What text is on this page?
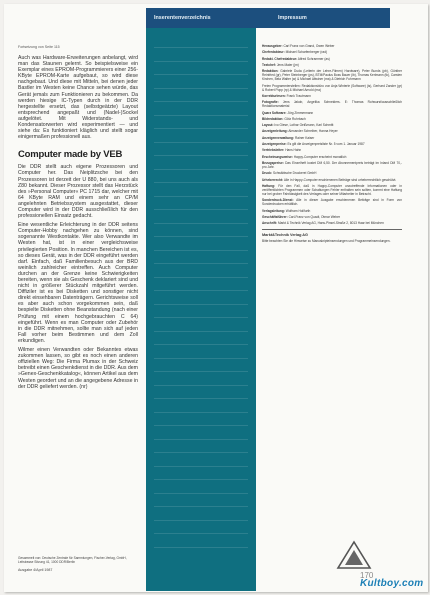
Fortsetzung von Seite 115
Auch was Hardware-Erweiterungen anbelangt, wird man das Staunen gelernt. So beispielsweise ein Exemplar eines EPROM-Programmierers einer 256-KByte EPROM-Karte aufgebaut, so wird diese nachgebaut. Und diese mit Mitteln, bei denen jeder Bastler im Westen keine Chance sehen würde, das Gerät jemals zum Funktionieren zu bekommen. Da werden hiesige IC-Typen durch in der DDR hergestellte ersetzt, das (selbstgeätzte) Layout entsprechend angepaßt und (Nadel-)Sockel aufgelötet. Mit Widerstands- und Kondensatorwerten wird experimentiert — und siehe da: Es funktioniert kläglich und stellt sogar einigermaßen professionell aus.
Computer made by VEB
Die DDR stellt auch eigene Prozessoren und Computer her. Das Neiplitzsche bei den Prozessoren ist derzeit der U 880, bei uns auch als Z80 bekannt. Dieser Prozessor stellt das Herzstück des »Personal Computer« PC 1715 dar, welcher mit 64 KByte RAM und einem sehr an CP/M angelehnten Betriebssystem ausgestattet, dieser Computer wird in der DDR ausschließlich für den professionellen Einsatz gedacht.
Eine wesentliche Erleichterung in der DDR seitens Computer-Hobby nachgehen zu können, sind sogenannte Westkontakte. Wer also Verwandte im Westen hat, ist in einer vergleichsweise privilegierten Position. In manchen Bereichen ist es, so dieses Gerät, was in der DDR eingeführt werden darf. Einfach, daß Familienbesuch aus der BRD weinlich zahlreicher eintreffen. Auch Computer durchen an der Grenze keine Schwierigkeiten bereiten, wenn sie als Geschenk deklariert sind und nicht in größerer Stückzahl mitgeführt werden. Diffiziler ist es bei Disketten und sonstiger nicht direkt einsehbaren Datenträgern. Gerichtsweise soll es aber auch schon vorgekommen sein, daß bespielte Disketten ohne Beanstandung (nach einer Prüfung mit einem hochgebrauchten C 64) eingeführt. Wenn es man Computer oder Zubehör in die DDR mitnehmen, sollte man sich auf jeden Fall vorher beim Bestimmen und dem Zoll erkundigen.
Wilmer einen Verwandten oder Bekanntes etwas zukommen lassen, so gibt es noch einen anderen offiziellen Weg: Die Firma Plumax in der Schweiz betreibt einen Geschenkdienst in die DDR. Aus dem »Genex-Geschenkkatalog«, können Artikel aus dem Westen geordert und an die angegebene Adresse in der DDR geliefert werden. (nr)
Gesammelt von: Deutsche Zentrale für Sammlungen, Fischer-Verlag, GmbH, Leitstrasse Sitzung 41, 1000 DDR/Berlin
Ausgabe 4/April 1987
Inserentenverzeichnis	Impressum
Herausgeber: Carl Franz von Grand, Owen Weber
Chefredakteur: Michael Scharfenberger (rad)
Redakt. Chefredakteur: Alfred Schrammer (as)
Textchef: Jens Maier (jm)
Redaktion: Gabriele Duda (Leiterin der Lehre-Filmen) Hardware), Peter Bunds (pb), Günther Reinfried (gr), Peter Steinberger (ps), BTM/Paulus Boss Bauer (lb), Thomas Kerlmann (tk), Carsten Kirchen, Bela Walter (w) & Michael Altwiner (ma) & Dietrich Fuhrmann
Freien Programmierstellen: Redaktionsbüro von Anja Winterle (Software) (is), Gerhard Zander (gr) & Robert Popp (rp) & Michael Arnold (ma)
Korrekturlesen: Frank Trautmann
Fotografie: Jens Jakob, Angelika Schneiders. E: Thomas Rohwurst/ausschließlich Redaktionsmaterial
Quarz Software: Jörg Zimmermann
Bildredaktion: Götz Ruhrbach
Layout: Ivo Giese, Lothar Geißmann, Karl Schmitt
Anzeigenleitung: Alexander Schreiber, Hanna Heyer
Anzeigenverwaltung: Rainer Kaiser
Anzeigenpreise: Es gilt die Anzeigenpreisliste Nr. 5 vom 1. Januar 1987
Vertriebsleiter: Hans Hahn
Erscheinungsweise: Happy-Computer erscheint monatlich
Bezugspreise: Das Einzelheft kostet DM 6,50. Der Abonnementpreis beträgt im Inland DM 70,- pro Jahr.
Druck: Schwäbische Druckerei GmbH
Urheberrecht: Alle in Happy-Computer erschienenen Beiträge sind urheberrechtlich geschützt.
Haftung: Für den Fall, daß in Happy-Computer unzutreffende Informationen oder in veröffentlichten Programmen oder Schaltungen Fehler enthalten sein sollten, kommt eine Haftung nur bei grober Fahrlässigkeit des Verlages oder seiner Mitarbeiter in Betracht.
Sonderdruck-Dienst: Alle in dieser Ausgabe erschienenen Beiträge sind in Form von Sonderdrucken erhältlich.
Verlagsleitung: Wolfram Hollfurth
Geschäftsführer: Carl-Franz von Quadt, Otmar Weber
Anschrift: Markt & Technik Verlag AG, Hans-Pinsel-Straße 2, 8013 Haar bei München
Markt&Technik Verlag AG
Bitte beachten Sie die Hinweise zu Manuskripteinsendungen und Programmeinsendungen.
170
Kultboy.com
